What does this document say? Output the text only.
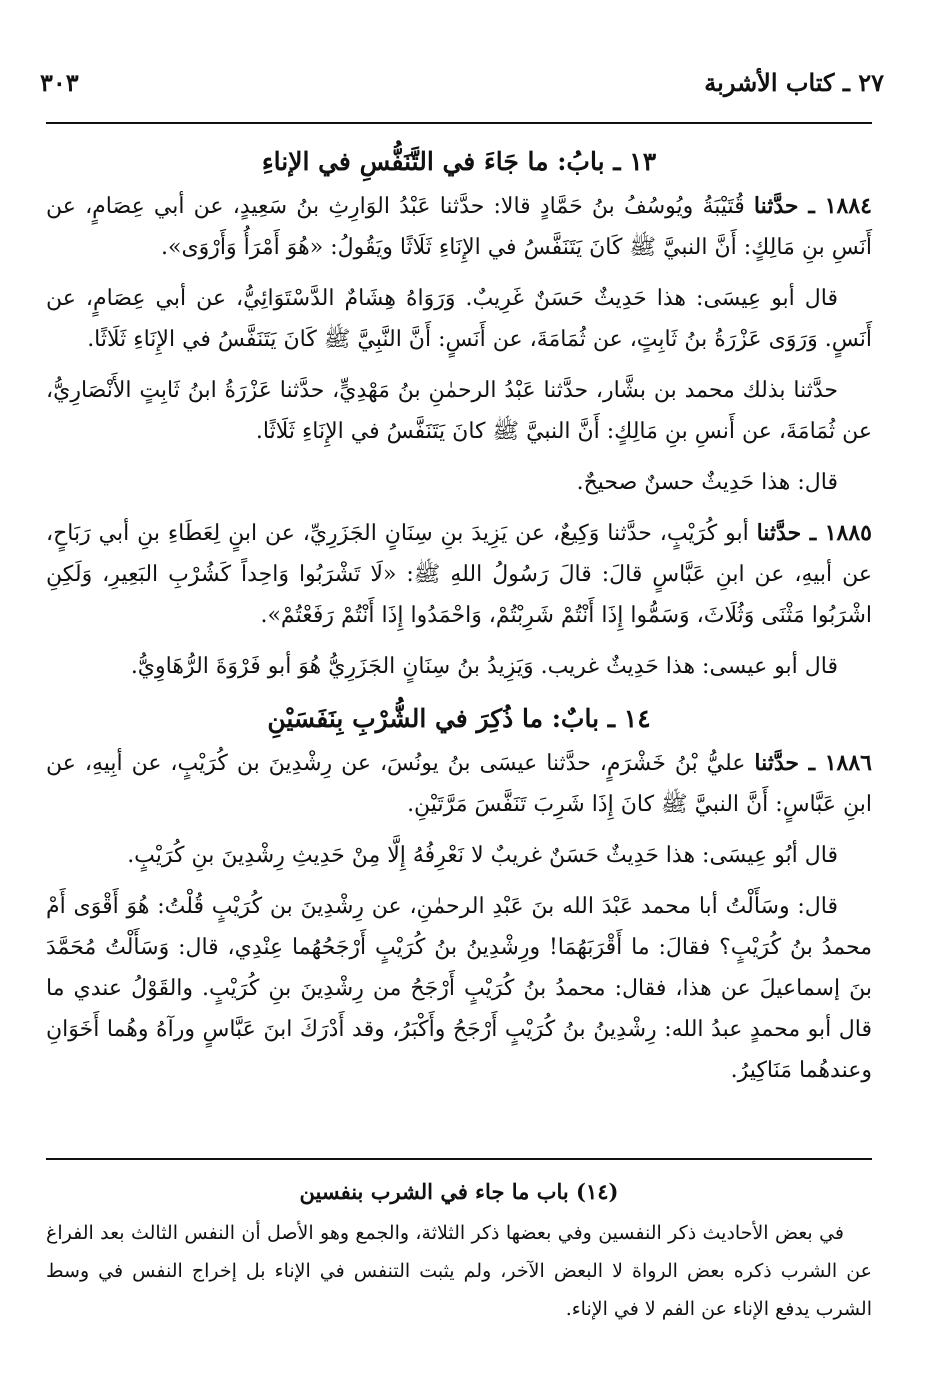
٢٧ ـ كتاب الأشربة
٣٠٣
١٣ ـ بابُ: ما جَاءَ في التَّنَفُّسِ في الإناءِ

١٨٨٤ ـ حدَّثنا قُتَيْبَةُ ويُوسُفُ بنُ حَمَّادٍ قالا: حدَّثنا عَبْدُ الوَارِثِ بنُ سَعِيدٍ، عن أبي عِصَامٍ، عن أَنَسِ بنِ مَالِكٍ: أَنَّ النبيَّ ﷺ كَانَ يَتَنَفَّسُ في الإِنَاءِ ثَلَاثًا ويَقُولُ: «هُوَ أَمْرَأُ وَأَرْوَى».

قال أبو عِيسَى: هذا حَدِيثٌ حَسَنٌ غَرِيبٌ. وَرَوَاهُ هِشَامٌ الدَّسْتَوَائِيُّ، عن أبي عِصَامٍ، عن أَنَسٍ. وَرَوَى عَزْرَةُ بنُ ثَابِتٍ، عن ثُمَامَةَ، عن أَنَسٍ: أَنَّ النَّبِيَّ ﷺ كَانَ يَتَنَفَّسُ في الإِنَاءِ ثَلَاثًا.

حدَّثنا بذلك محمد بن بشَّار، حدَّثنا عَبْدُ الرحمٰنِ بنُ مَهْدِيٍّ، حدَّثنا عَزْرَةُ ابنُ ثَابِتٍ الأَنْصَارِيُّ، عن ثُمَامَةَ، عن أَنسِ بنِ مَالِكٍ: أَنَّ النبيَّ ﷺ كانَ يَتَنَفَّسُ في الإِنَاءِ ثَلَاثًا.

قال: هذا حَدِيثٌ حسنٌ صحيحٌ.

١٨٨٥ ـ حدَّثنا أبو كُرَيْبٍ، حدَّثنا وَكِيعٌ، عن يَزِيدَ بنِ سِنَانٍ الجَزَرِيِّ، عن ابنٍ لِعَطَاءِ بنِ أبي رَبَاحٍ، عن أبيهِ، عن ابنِ عَبَّاسٍ قالَ: قالَ رَسُولُ اللهِ ﷺ: «لَا تَشْرَبُوا وَاحِداً كَشُرْبِ البَعِيرِ، وَلَكِنِ اشْرَبُوا مَثْنَى وَثُلَاثَ، وَسَمُّوا إِذَا أَنْتُمْ شَرِبْتُمْ، وَاحْمَدُوا إِذَا أَنْتُمْ رَفَعْتُمْ».

قال أبو عيسى: هذا حَدِيثٌ غريب. وَيَزِيدُ بنُ سِنَانٍ الجَزَرِيُّ هُوَ أبو فَرْوَةَ الرُّهَاوِيُّ.

١٤ ـ بابٌ: ما ذُكِرَ في الشُّرْبِ بِنَفَسَيْنِ

١٨٨٦ ـ حدَّثنا عليُّ بْنُ خَشْرَمٍ، حدَّثنا عيسَى بنُ يونُسَ، عن رِشْدِينَ بن كُرَيْبٍ، عن أبِيهِ، عن ابنِ عَبَّاسٍ: أَنَّ النبيَّ ﷺ كانَ إِذَا شَرِبَ تَنَفَّسَ مَرَّتَيْنِ.

قال أبُو عِيسَى: هذا حَدِيثٌ حَسَنٌ غريبٌ لا نَعْرِفُهُ إِلَّا مِنْ حَدِيثِ رِشْدِينَ بنِ كُرَيْبٍ.

قال: وسَأَلْتُ أبا محمد عَبْدَ الله بنَ عَبْدِ الرحمٰنِ، عن رِشْدِينَ بن كُرَيْبٍ قُلْتُ: هُوَ أَقْوَى أَمْ محمدُ بنُ كُرَيْبٍ؟ فقالَ: ما أَقْرَبَهُمَا! ورِشْدِينُ بنُ كُرَيْبٍ أَرْجَحُهُما عِنْدِي، قال: وَسَأَلْتُ مُحَمَّدَ بنَ إسماعيلَ عن هذا، فقال: محمدُ بنُ كُرَيْبٍ أَرْجَحُ من رِشْدِينَ بنِ كُرَيْبٍ. والقَوْلُ عندي ما قال أبو محمدٍ عبدُ الله: رِشْدِينُ بنُ كُرَيْبٍ أَرْجَحُ وأَكْبَرُ، وقد أَدْرَكَ ابنَ عَبَّاسٍ ورآهُ وهُما أَخَوَانِ وعندهُما مَنَاكِيرُ.

(١٤) باب ما جاء في الشرب بنفسين

في بعض الأحاديث ذكر النفسين وفي بعضها ذكر الثلاثة، والجمع وهو الأصل أن النفس الثالث بعد الفراغ عن الشرب ذكره بعض الرواة لا البعض الآخر، ولم يثبت التنفس في الإناء بل إخراج النفس في وسط الشرب يدفع الإناء عن الفم لا في الإناء.
